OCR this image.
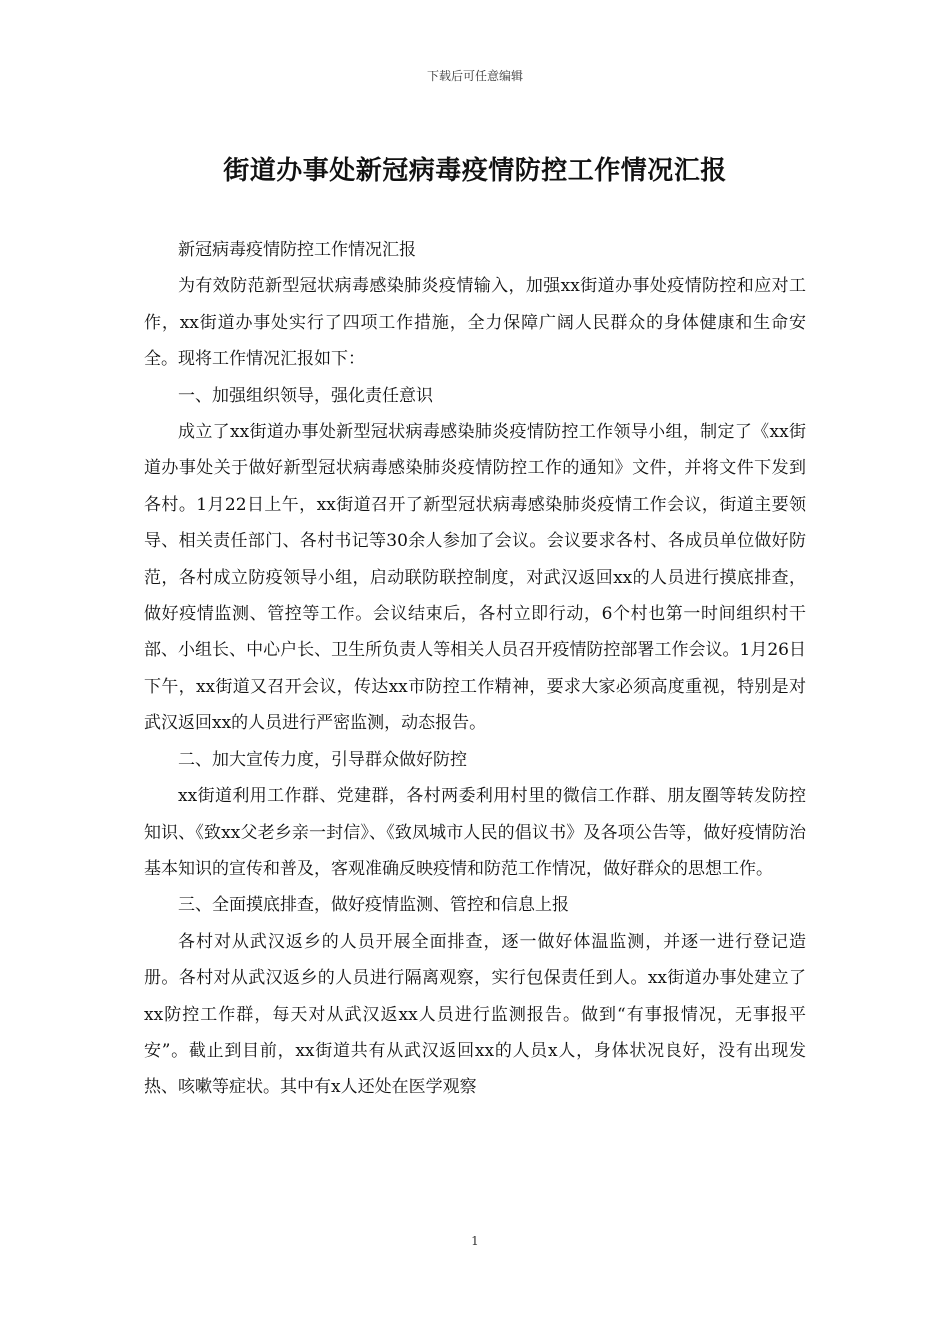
下载后可任意编辑
街道办事处新冠病毒疫情防控工作情况汇报

新冠病毒疫情防控工作情况汇报

为有效防范新型冠状病毒感染肺炎疫情输入，加强xx街道办事处疫情防控和应对工作，xx街道办事处实行了四项工作措施，全力保障广阔人民群众的身体健康和生命安全。现将工作情况汇报如下：

一、加强组织领导，强化责任意识

成立了xx街道办事处新型冠状病毒感染肺炎疫情防控工作领导小组，制定了《xx街道办事处关于做好新型冠状病毒感染肺炎疫情防控工作的通知》文件，并将文件下发到各村。1月22日上午，xx街道召开了新型冠状病毒感染肺炎疫情工作会议，街道主要领导、相关责任部门、各村书记等30余人参加了会议。会议要求各村、各成员单位做好防范，各村成立防疫领导小组，启动联防联控制度，对武汉返回xx的人员进行摸底排查，做好疫情监测、管控等工作。会议结束后，各村立即行动，6个村也第一时间组织村干部、小组长、中心户长、卫生所负责人等相关人员召开疫情防控部署工作会议。1月26日下午，xx街道又召开会议，传达xx市防控工作精神，要求大家必须高度重视，特别是对武汉返回xx的人员进行严密监测，动态报告。

二、加大宣传力度，引导群众做好防控

xx街道利用工作群、党建群，各村两委利用村里的微信工作群、朋友圈等转发防控知识、《致xx父老乡亲一封信》、《致凤城市人民的倡议书》及各项公告等，做好疫情防治基本知识的宣传和普及，客观准确反映疫情和防范工作情况，做好群众的思想工作。

三、全面摸底排查，做好疫情监测、管控和信息上报

各村对从武汉返乡的人员开展全面排查，逐一做好体温监测，并逐一进行登记造册。各村对从武汉返乡的人员进行隔离观察，实行包保责任到人。xx街道办事处建立了xx防控工作群，每天对从武汉返xx人员进行监测报告。做到“有事报情况，无事报平安”。截止到目前，xx街道共有从武汉返回xx的人员x人，身体状况良好，没有出现发热、咳嗽等症状。其中有x人还处在医学观察

1
